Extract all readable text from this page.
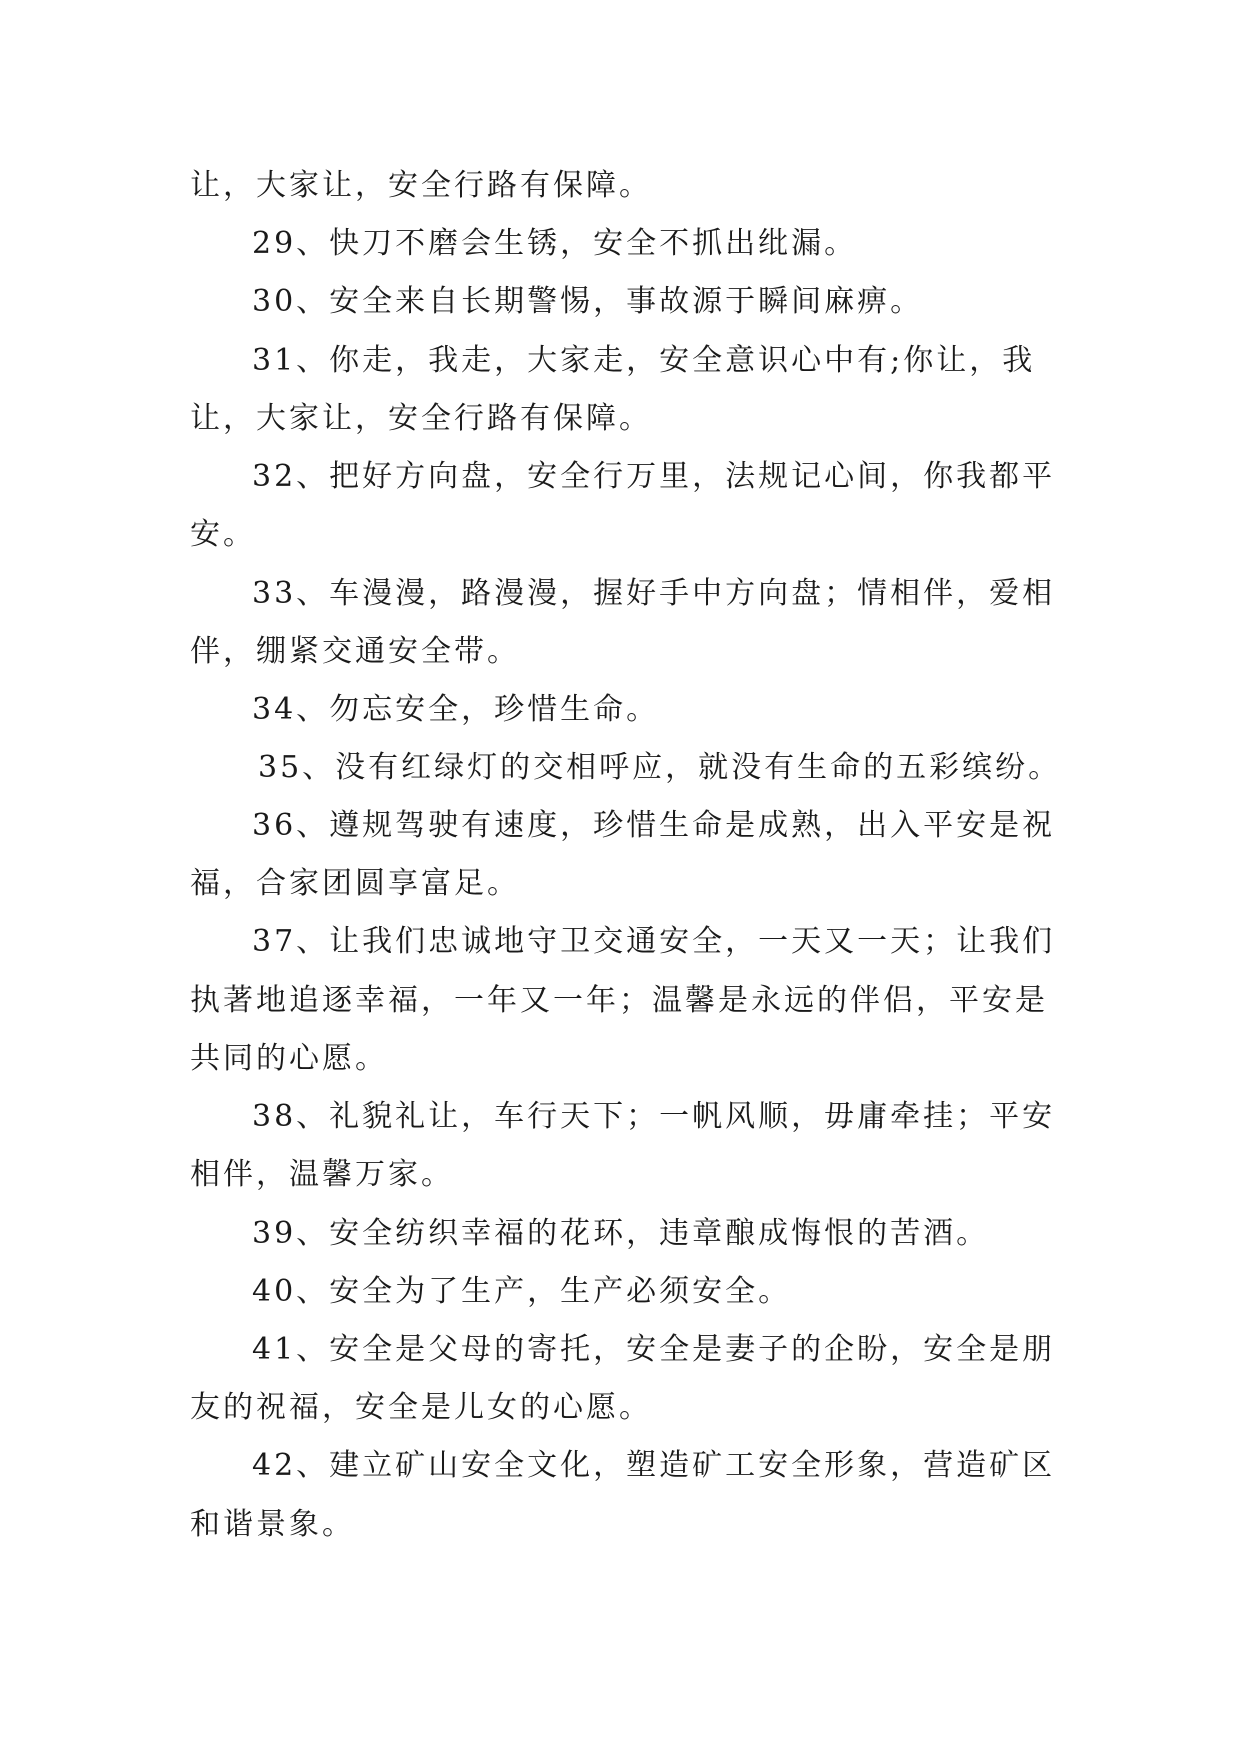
让，大家让，安全行路有保障。
29、快刀不磨会生锈，安全不抓出纰漏。
30、安全来自长期警惕，事故源于瞬间麻痹。
31、你走，我走，大家走，安全意识心中有;你让，我
让，大家让，安全行路有保障。
32、把好方向盘，安全行万里，法规记心间，你我都平
安。
33、车漫漫，路漫漫，握好手中方向盘；情相伴，爱相
伴，绷紧交通安全带。
34、勿忘安全，珍惜生命。
35、没有红绿灯的交相呼应，就没有生命的五彩缤纷。
36、遵规驾驶有速度，珍惜生命是成熟，出入平安是祝
福，合家团圆享富足。
37、让我们忠诚地守卫交通安全，一天又一天；让我们
执著地追逐幸福，一年又一年；温馨是永远的伴侣，平安是
共同的心愿。
38、礼貌礼让，车行天下；一帆风顺，毋庸牵挂；平安
相伴，温馨万家。
39、安全纺织幸福的花环，违章酿成悔恨的苦酒。
40、安全为了生产，生产必须安全。
41、安全是父母的寄托，安全是妻子的企盼，安全是朋
友的祝福，安全是儿女的心愿。
42、建立矿山安全文化，塑造矿工安全形象，营造矿区
和谐景象。
